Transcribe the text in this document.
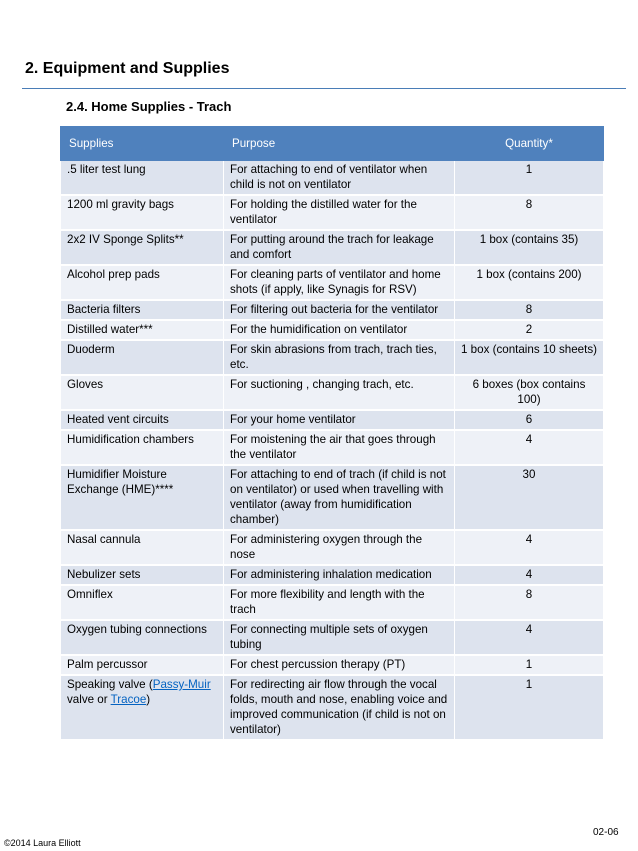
2. Equipment and Supplies
2.4. Home Supplies - Trach
Supplies	Purpose	Quantity*
.5 liter test lung	For attaching to end of ventilator when child is not on ventilator	1
1200 ml gravity bags	For holding the distilled water for the ventilator	8
2x2 IV Sponge Splits**	For putting around the trach for leakage and comfort	1 box (contains 35)
Alcohol prep pads	For cleaning parts of ventilator and home shots (if apply, like Synagis for RSV)	1 box (contains 200)
Bacteria filters	For filtering out bacteria for the ventilator	8
Distilled water***	For the humidification on ventilator	2
Duoderm	For skin abrasions from trach, trach ties, etc.	1 box (contains 10 sheets)
Gloves	For suctioning , changing trach, etc.	6 boxes (box contains 100)
Heated vent circuits	For your home ventilator	6
Humidification chambers	For moistening the air that goes through the ventilator	4
Humidifier Moisture Exchange (HME)****	For attaching to end of trach (if child is not on ventilator) or used when travelling with ventilator (away from humidification chamber)	30
Nasal cannula	For administering oxygen through the nose	4
Nebulizer sets	For administering inhalation medication	4
Omniflex	For more flexibility and length with the trach	8
Oxygen tubing connections	For connecting multiple sets of oxygen tubing	4
Palm percussor	For chest percussion therapy (PT)	1
Speaking valve (Passy-Muir valve or Tracoe)	For redirecting air flow through the vocal folds, mouth and nose, enabling voice and improved communication (if child is not on ventilator)	1
©2014 Laura Elliott
02-06
